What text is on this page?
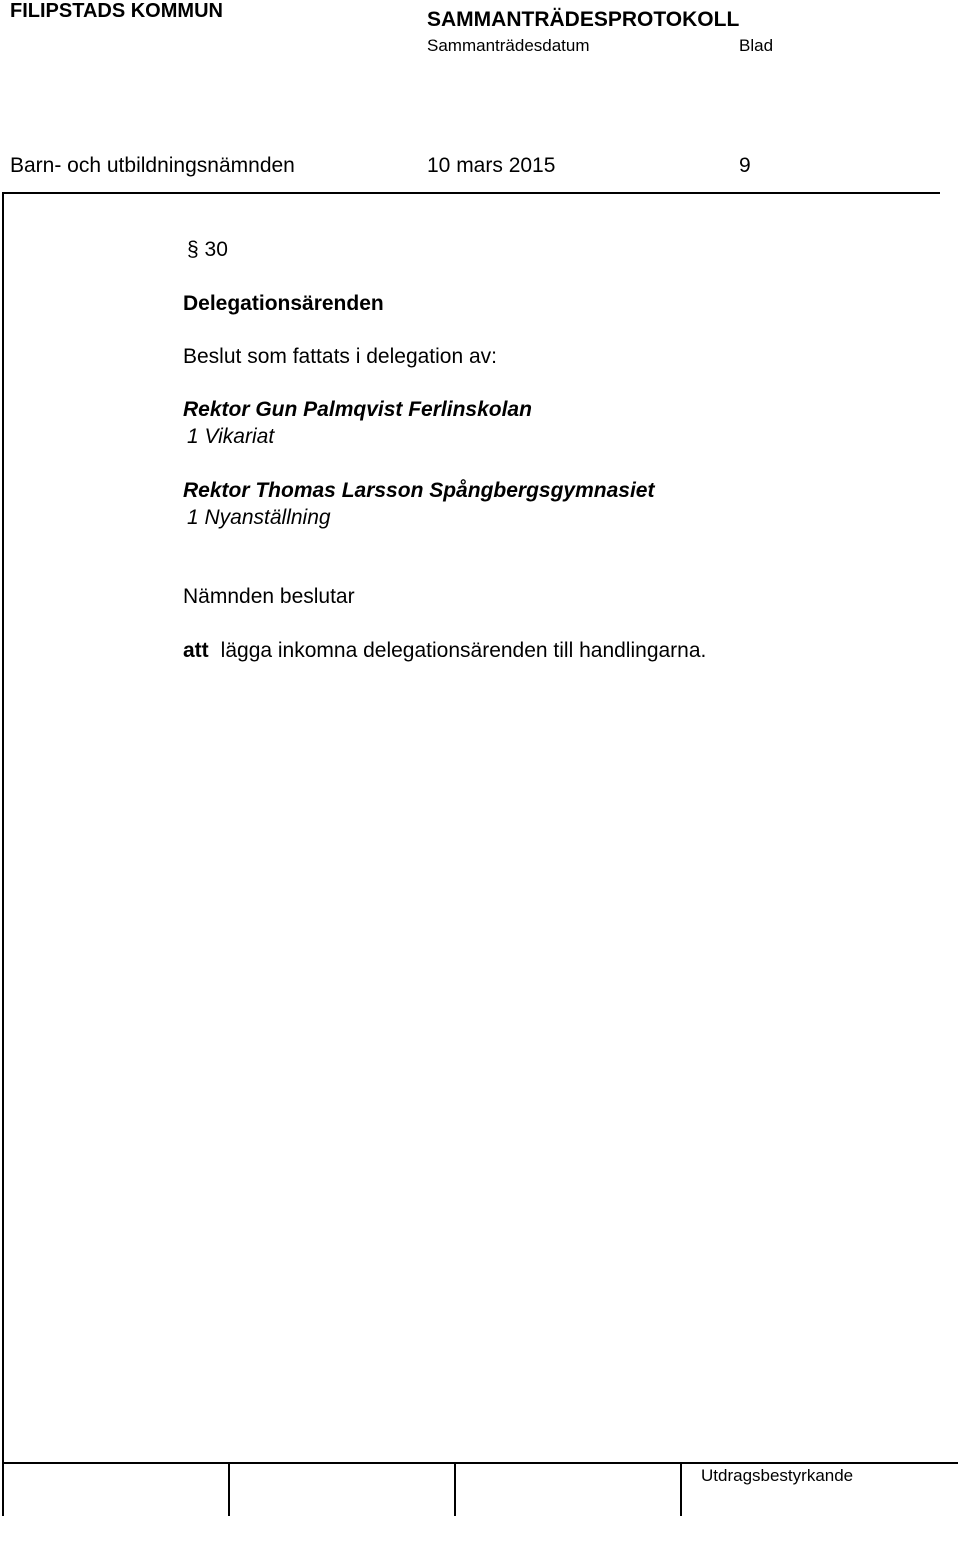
FILIPSTADS KOMMUN	SAMMANTRÄDESPROTOKOLL
Sammanträdesdatum	Blad
Barn- och utbildningsnämnden	10 mars 2015	9
§ 30
Delegationsärenden
Beslut som fattats i delegation av:
Rektor Gun Palmqvist Ferlinskolan
1 Vikariat
Rektor Thomas Larsson Spångbergsgymnasiet
1 Nyanställning
Nämnden beslutar
att lägga inkomna delegationsärenden till handlingarna.
Utdragsbestyrkande
